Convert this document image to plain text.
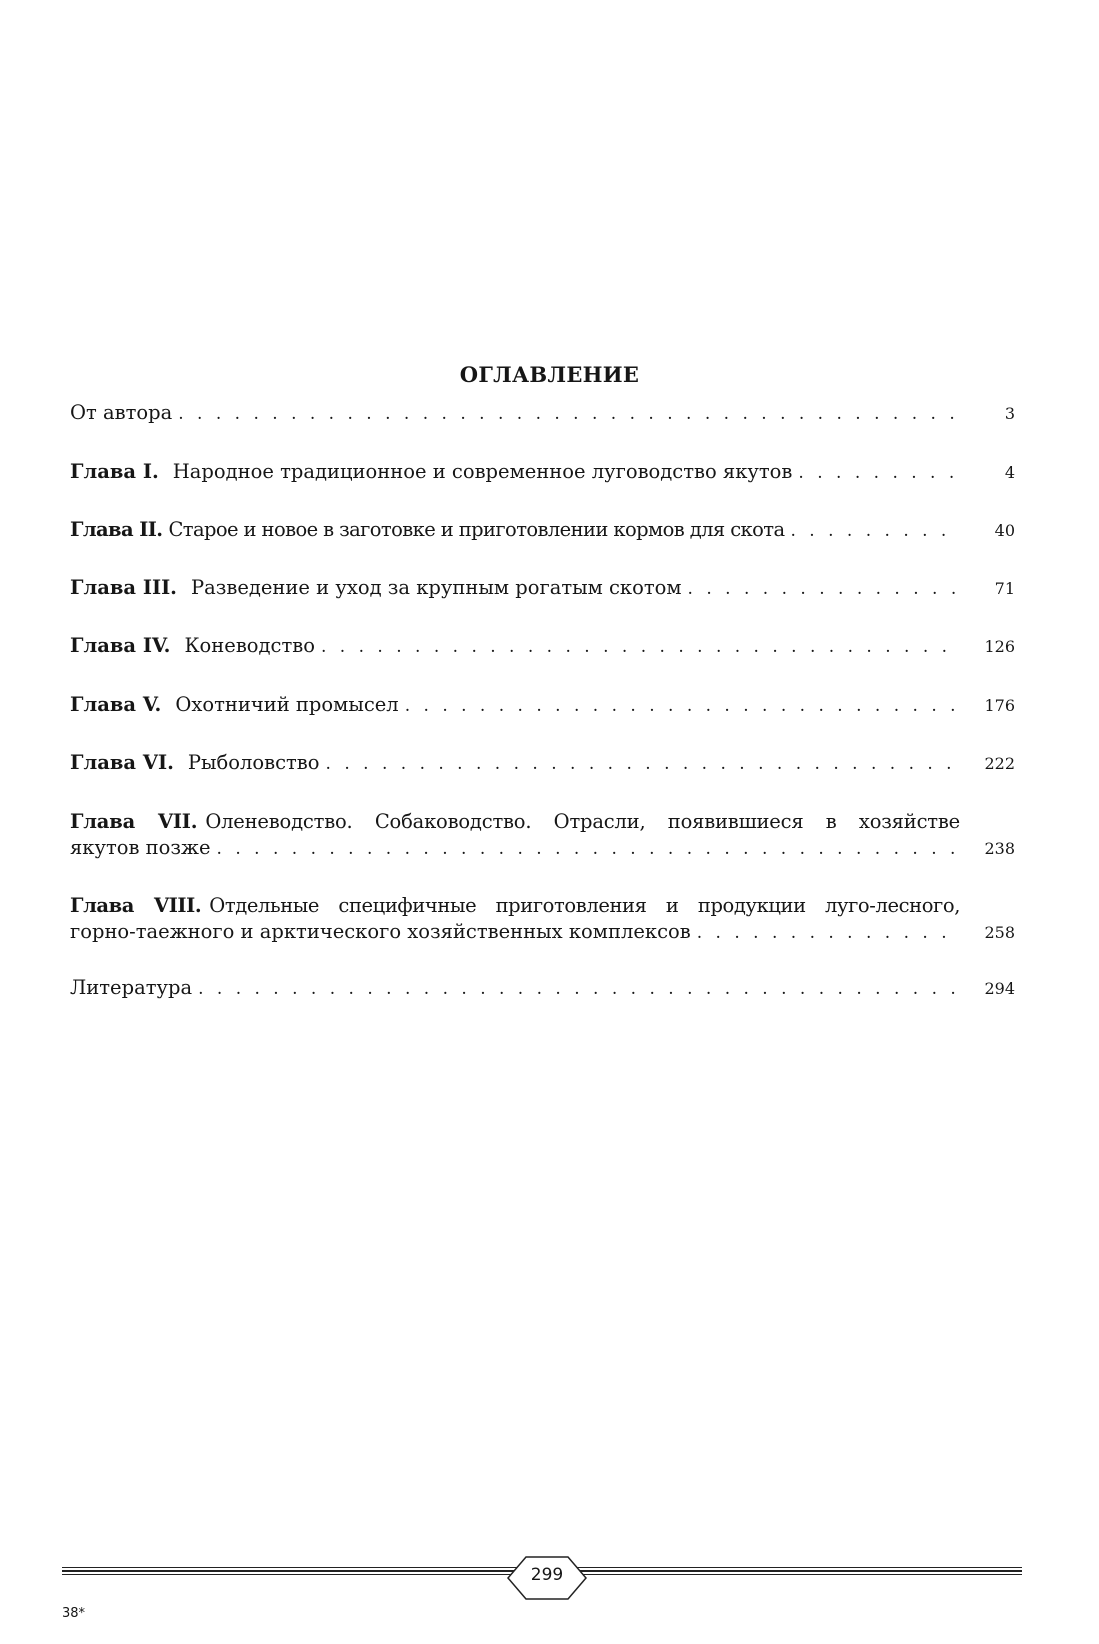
ОГЛАВЛЕНИЕ
От автора . . .	3
Глава I. Народное традиционное и современное луговодство якутов . . .	4
Глава II. Старое и новое в заготовке и приготовлении кормов для скота . . .	40
Глава III. Разведение и уход за крупным рогатым скотом . . .	71
Глава IV. Коневодство . . .	126
Глава V. Охотничий промысел . . .	176
Глава VI. Рыболовство . . .	222
Глава VII. Оленеводство. Собаководство. Отрасли, появившиеся в хозяйстве
якутов позже . . .	238
Глава VIII. Отдельные специфичные приготовления и продукции луго-лесного,
горно-таежного и арктического хозяйственных комплексов . . .	258
Литература . . .	294
299
38*
